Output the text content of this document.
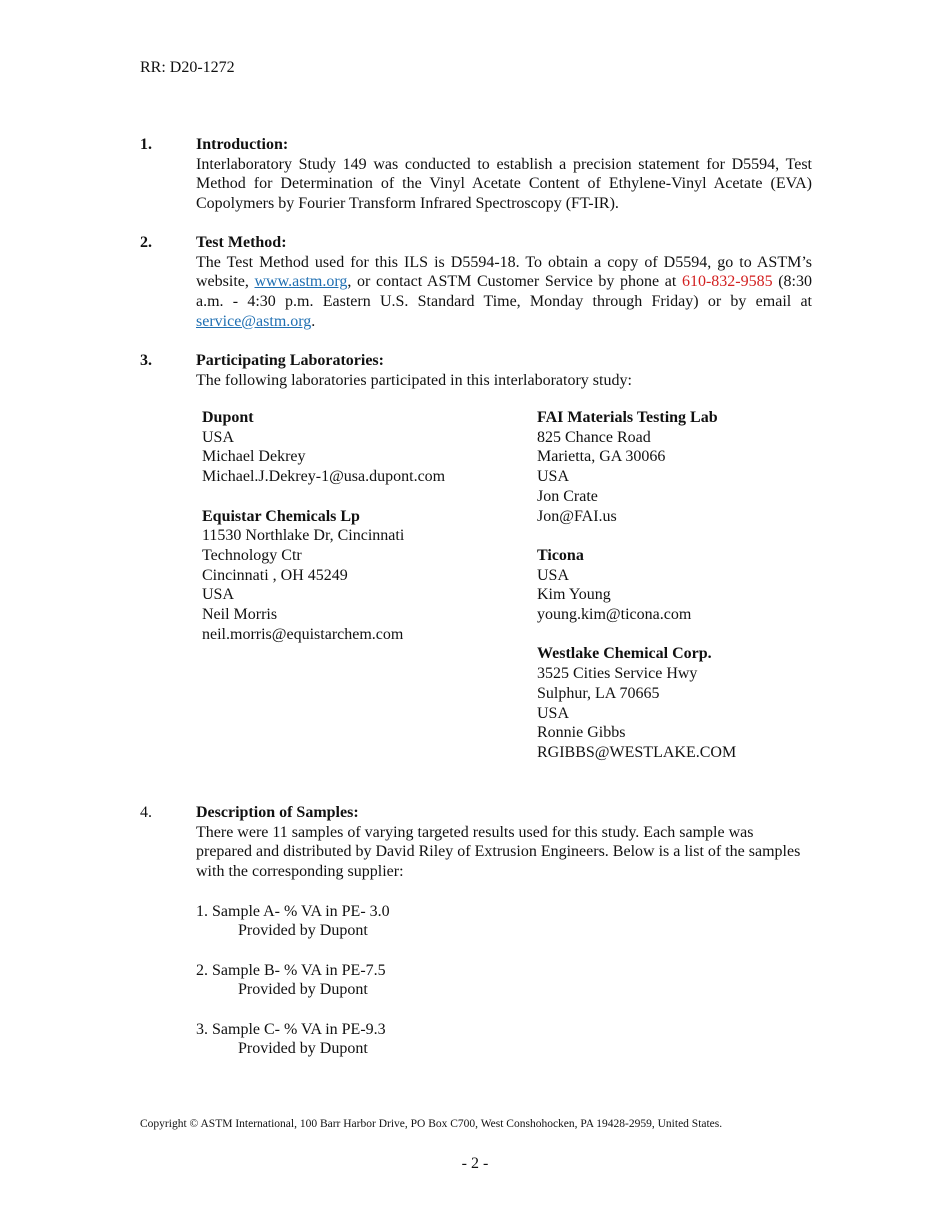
RR: D20-1272
1.	Introduction:
Interlaboratory Study 149 was conducted to establish a precision statement for D5594, Test Method for Determination of the Vinyl Acetate Content of Ethylene-Vinyl Acetate (EVA) Copolymers by Fourier Transform Infrared Spectroscopy (FT-IR).
2.	Test Method:
The Test Method used for this ILS is D5594-18. To obtain a copy of D5594, go to ASTM’s website, www.astm.org, or contact ASTM Customer Service by phone at 610-832-9585 (8:30 a.m. - 4:30 p.m. Eastern U.S. Standard Time, Monday through Friday) or by email at service@astm.org.
3.	Participating Laboratories:
The following laboratories participated in this interlaboratory study:
Dupont
USA
Michael Dekrey
Michael.J.Dekrey-1@usa.dupont.com
Equistar Chemicals Lp
11530 Northlake Dr, Cincinnati
Technology Ctr
Cincinnati , OH 45249
USA
Neil Morris
neil.morris@equistarchem.com
FAI Materials Testing Lab
825 Chance Road
Marietta, GA 30066
USA
Jon Crate
Jon@FAI.us
Ticona
USA
Kim Young
young.kim@ticona.com
Westlake Chemical Corp.
3525 Cities Service Hwy
Sulphur, LA 70665
USA
Ronnie Gibbs
RGIBBS@WESTLAKE.COM
4.	Description of Samples:
There were 11 samples of varying targeted results used for this study. Each sample was prepared and distributed by David Riley of Extrusion Engineers. Below is a list of the samples with the corresponding supplier:
1. Sample A- % VA in PE- 3.0
Provided by Dupont
2. Sample B- % VA in PE-7.5
Provided by Dupont
3. Sample C- % VA in PE-9.3
Provided by Dupont
Copyright © ASTM International, 100 Barr Harbor Drive, PO Box C700, West Conshohocken, PA 19428-2959, United States.
- 2 -
